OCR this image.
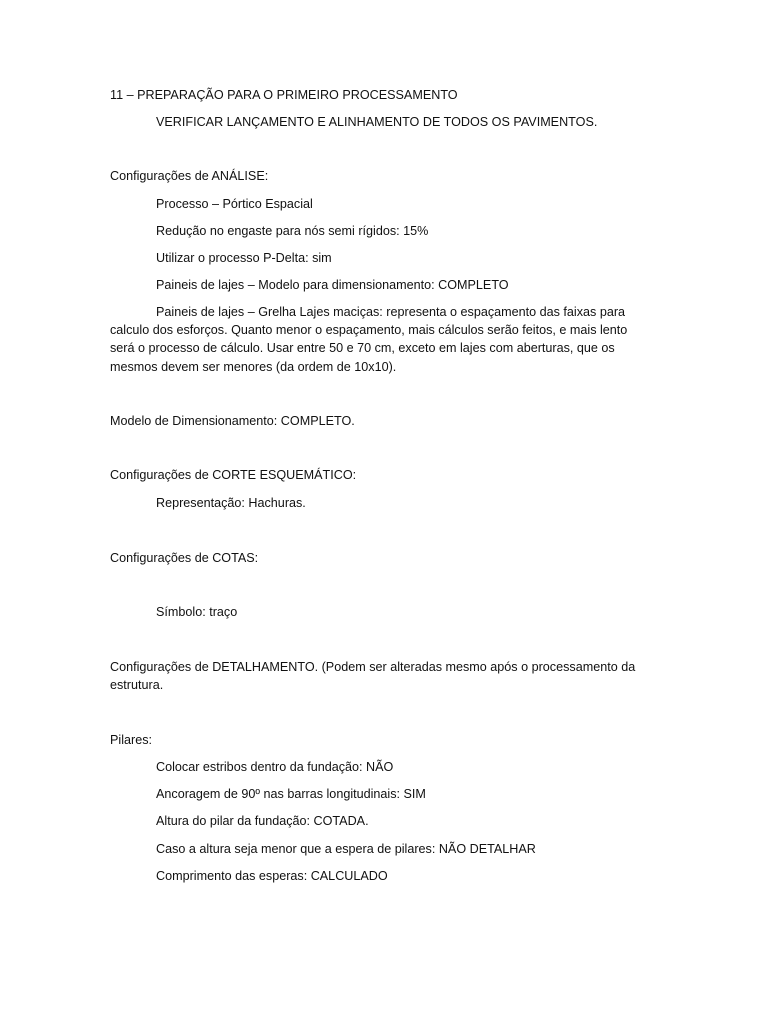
11 – PREPARAÇÃO PARA O PRIMEIRO PROCESSAMENTO
VERIFICAR LANÇAMENTO E ALINHAMENTO DE TODOS OS PAVIMENTOS.
Configurações de ANÁLISE:
Processo – Pórtico Espacial
Redução no engaste para nós semi rígidos: 15%
Utilizar o processo P-Delta: sim
Paineis de lajes – Modelo para dimensionamento: COMPLETO
Paineis de lajes – Grelha Lajes maciças: representa o espaçamento das faixas para calculo dos esforços. Quanto menor o espaçamento, mais cálculos serão feitos, e mais lento será o processo de cálculo. Usar entre 50 e 70 cm, exceto em lajes com aberturas, que os mesmos devem ser menores (da ordem de 10x10).
Modelo de Dimensionamento: COMPLETO.
Configurações de CORTE ESQUEMÁTICO:
Representação: Hachuras.
Configurações de COTAS:
Símbolo: traço
Configurações de DETALHAMENTO. (Podem ser alteradas mesmo após o processamento da
estrutura.
Pilares:
Colocar estribos dentro da fundação: NÃO
Ancoragem de 90º nas barras longitudinais: SIM
Altura do pilar da fundação: COTADA.
Caso a altura seja menor que a espera de pilares: NÃO DETALHAR
Comprimento das esperas: CALCULADO
